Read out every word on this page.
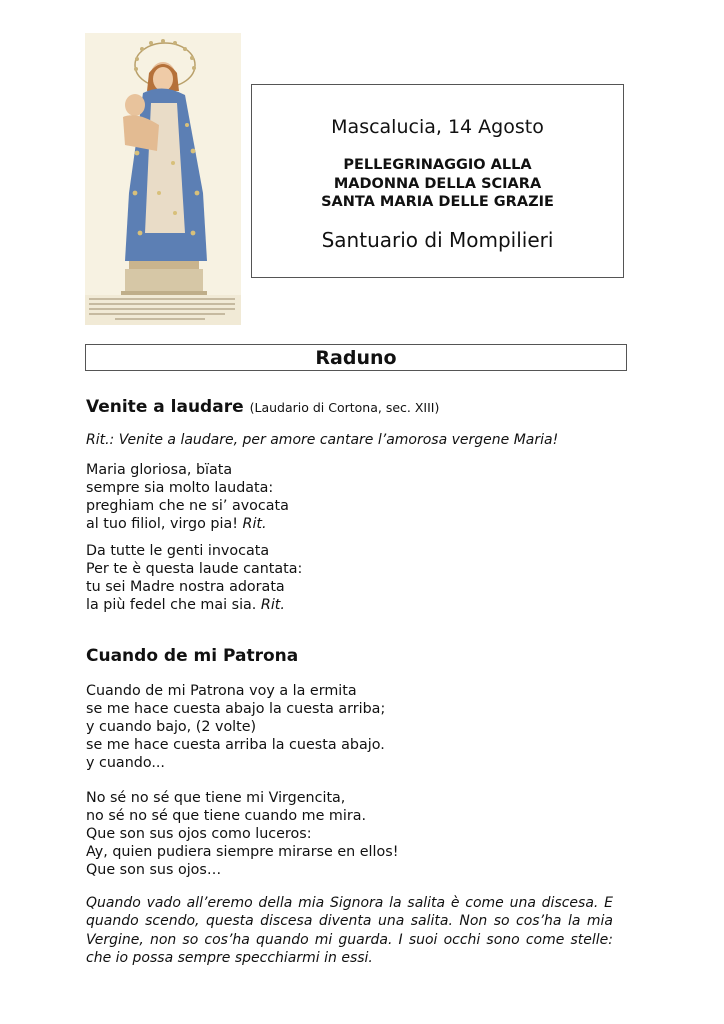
Mascalucia, 14 Agosto
PELLEGRINAGGIO ALLA
MADONNA DELLA SCIARA
SANTA MARIA DELLE GRAZIE
Santuario di Mompilieri
Raduno
Venite a laudare (Laudario di Cortona, sec. XIII)
Rit.: Venite a laudare, per amore cantare l’amorosa vergene Maria!
Maria gloriosa, bïata
sempre sia molto laudata:
preghiam che ne si’ avocata
al tuo filiol, virgo pia! Rit.
Da tutte le genti invocata
Per te è questa laude cantata:
tu sei Madre nostra adorata
la più fedel che mai sia. Rit.
Cuando de mi Patrona
Cuando de mi Patrona voy a la ermita
se me hace cuesta abajo la cuesta arriba;
y cuando bajo, (2 volte)
se me hace cuesta arriba la cuesta abajo.
y cuando...
No sé no sé que tiene mi Virgencita,
no sé no sé que tiene cuando me mira.
Que son sus ojos como luceros:
Ay, quien pudiera siempre mirarse en ellos!
Que son sus ojos…
Quando vado all’eremo della mia Signora la salita è come una discesa. E quando scendo, questa discesa diventa una salita. Non so cos’ha la mia Vergine, non so cos’ha quando mi guarda. I suoi occhi sono come stelle: che io possa sempre specchiarmi in essi.
